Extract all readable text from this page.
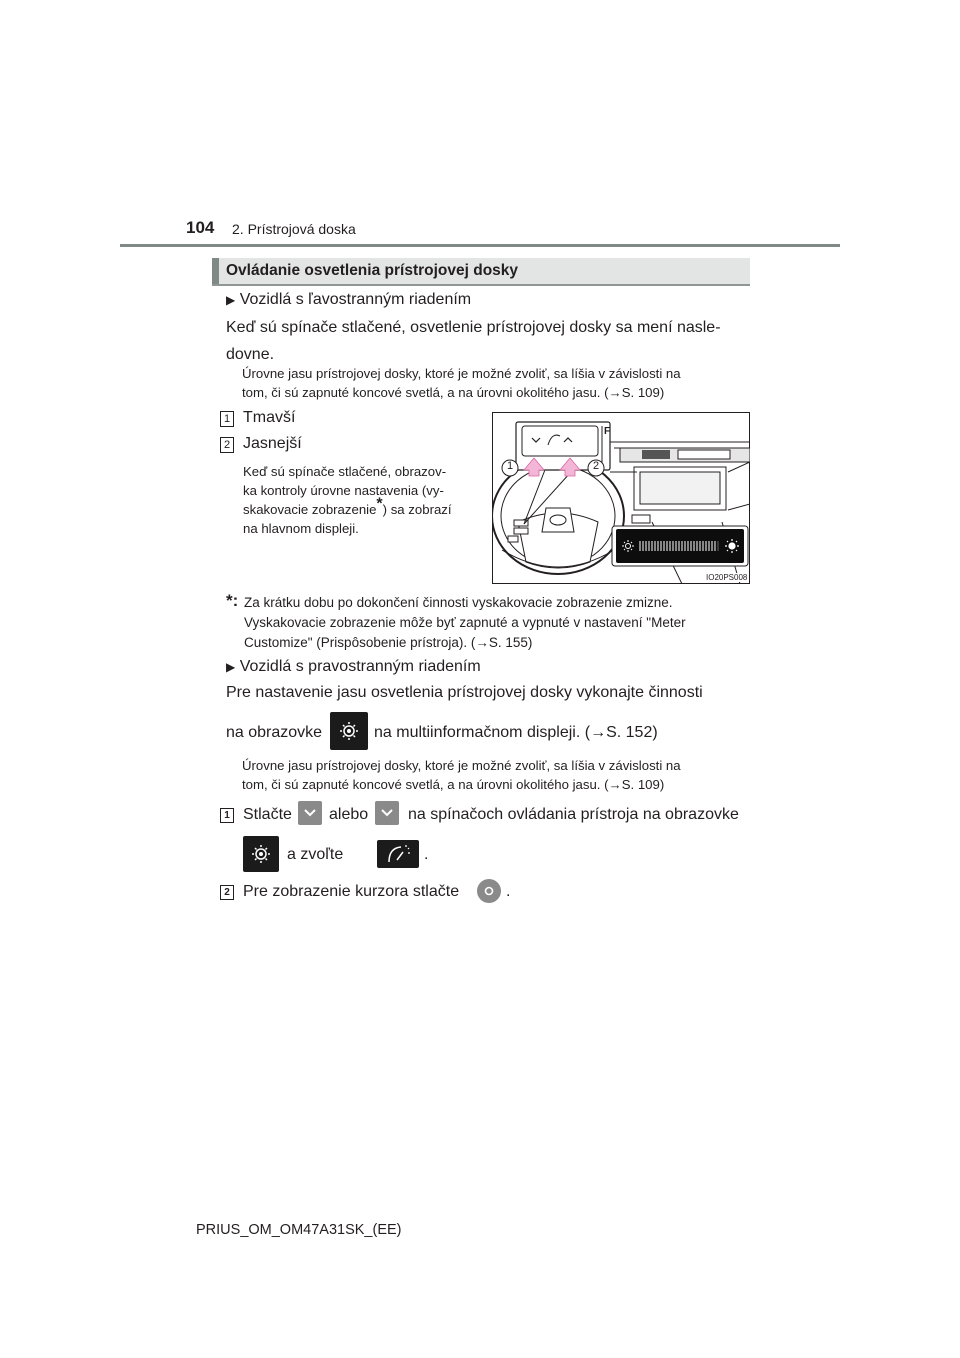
104 2. Prístrojová doska
Ovládanie osvetlenia prístrojovej dosky
▶ Vozidlá s ľavostranným riadením
Keď sú spínače stlačené, osvetlenie prístrojovej dosky sa mení nasle-
dovne.
Úrovne jasu prístrojovej dosky, ktoré je možné zvoliť, sa líšia v závislosti na
tom, či sú zapnuté koncové svetlá, a na úrovni okolitého jasu. (→S. 109)
1 Tmavší
2 Jasnejší
Keď sú spínače stlačené, obrazov-
ka kontroly úrovne nastavenia (vy-
skakovacie zobrazenie*) sa zobrazí
na hlavnom displeji.
1	2
F
IO20PS008
*: Za krátku dobu po dokončení činnosti vyskakovacie zobrazenie zmizne.
Vyskakovacie zobrazenie môže byť zapnuté a vypnuté v nastavení "Meter
Customize" (Prispôsobenie prístroja). (→S. 155)
▶ Vozidlá s pravostranným riadením
Pre nastavenie jasu osvetlenia prístrojovej dosky vykonajte činnosti
na obrazovke	na multiinformačnom displeji. (→S. 152)
Úrovne jasu prístrojovej dosky, ktoré je možné zvoliť, sa líšia v závislosti na
tom, či sú zapnuté koncové svetlá, a na úrovni okolitého jasu. (→S. 109)
1 Stlačte alebo na spínačoch ovládania prístroja na obrazovke
a zvoľte	.
2 Pre zobrazenie kurzora stlačte	.
PRIUS_OM_OM47A31SK_(EE)
